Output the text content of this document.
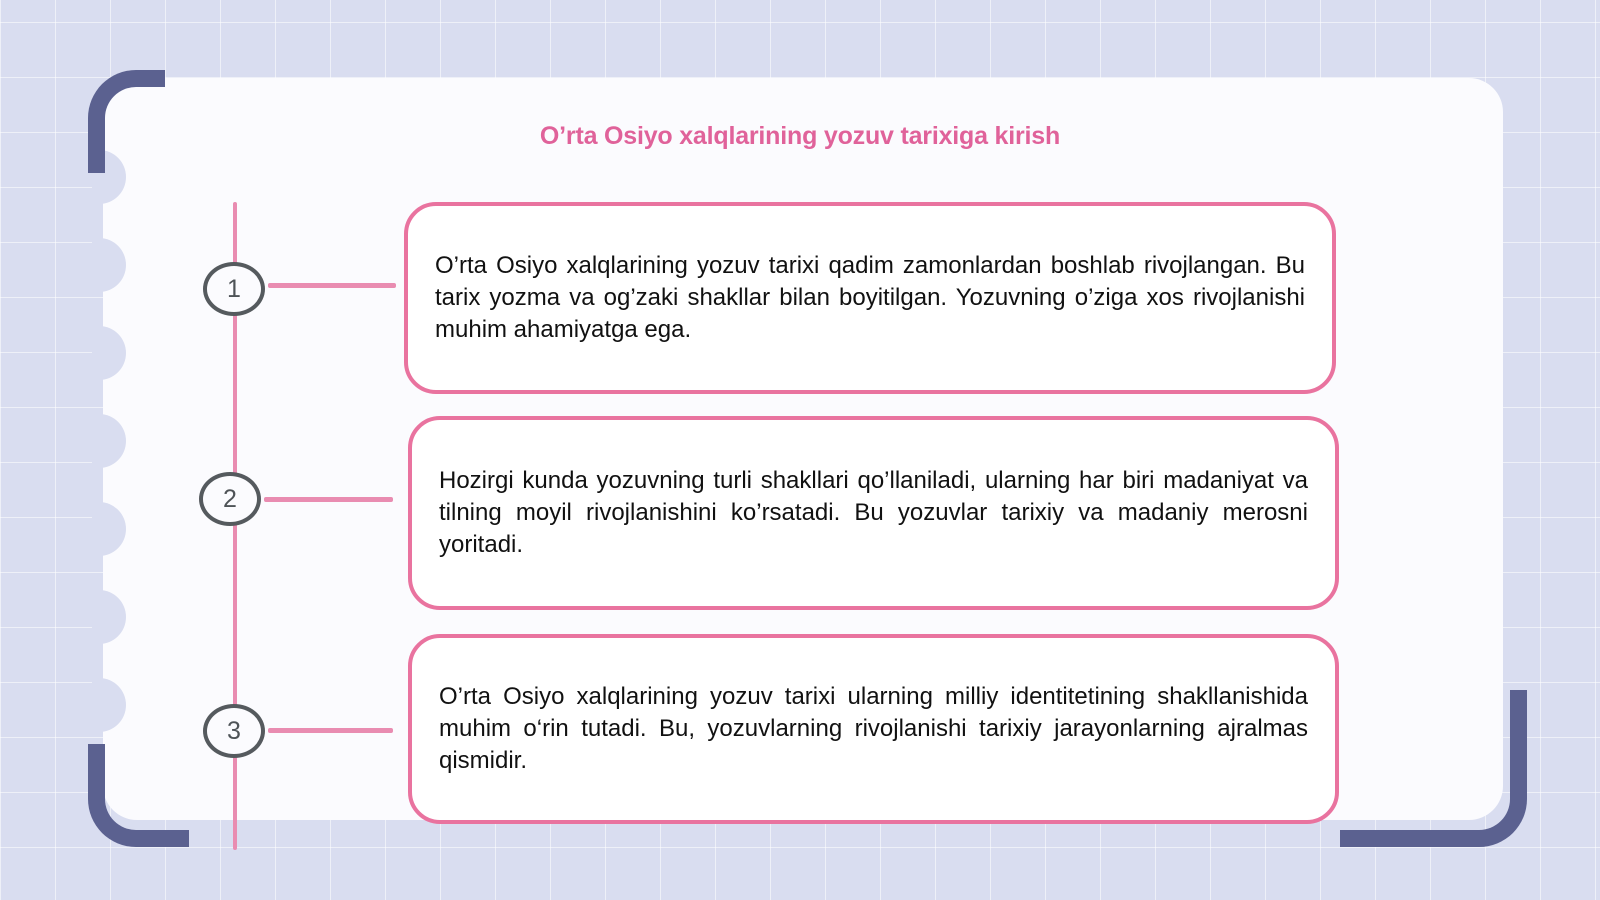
O’rta Osiyo xalqlarining yozuv tarixiga kirish
1

O’rta Osiyo xalqlarining yozuv tarixi qadim zamonlardan boshlab rivojlangan. Bu tarix yozma va og’zaki shakllar bilan boyitilgan. Yozuvning o’ziga xos rivojlanishi muhim ahamiyatga ega.

2

Hozirgi kunda yozuvning turli shakllari qo’llaniladi, ularning har biri madaniyat va tilning moyil rivojlanishini ko’rsatadi. Bu yozuvlar tarixiy va madaniy merosni yoritadi.

3

O’rta Osiyo xalqlarining yozuv tarixi ularning milliy identitetining shakllanishida muhim o‘rin tutadi. Bu, yozuvlarning rivojlanishi tarixiy jarayonlarning ajralmas qismidir.
